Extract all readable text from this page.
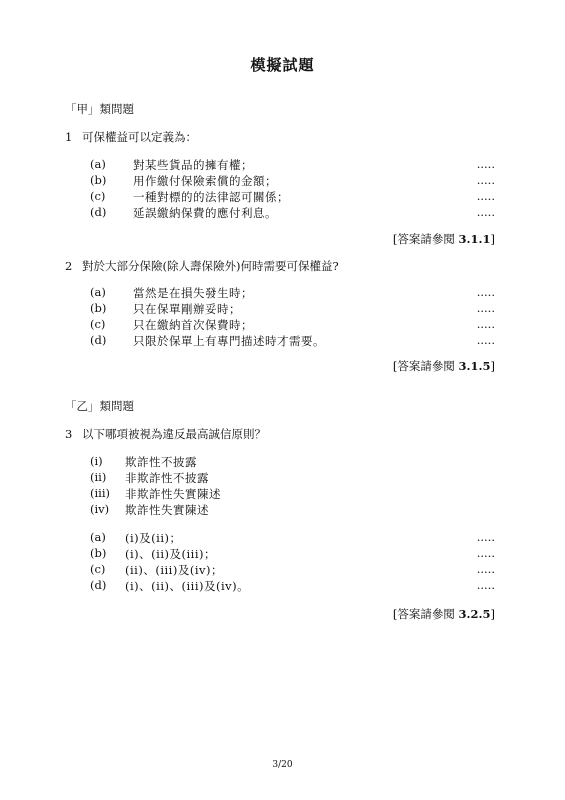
模擬試題
「甲」類問題
1 可保權益可以定義為：
(a) 對某些貨品的擁有權；	.....
(b) 用作繳付保險索償的金額；	.....
(c) 一種對標的的法律認可關係；	.....
(d) 延誤繳納保費的應付利息。	.....
[答案請參閱 3.1.1]
2 對於大部分保險(除人壽保險外)何時需要可保權益?
(a) 當然是在損失發生時；	.....
(b) 只在保單剛辦妥時；	.....
(c) 只在繳納首次保費時；	.....
(d) 只限於保單上有專門描述時才需要。	.....
[答案請參閱 3.1.5]
「乙」類問題
3 以下哪項被視為違反最高誠信原則？
(i) 欺詐性不披露
(ii) 非欺詐性不披露
(iii) 非欺詐性失實陳述
(iv) 欺詐性失實陳述
(a) (i)及(ii)；	.....
(b) (i)、(ii)及(iii)；	.....
(c) (ii)、(iii)及(iv)；	.....
(d) (i)、(ii)、(iii)及(iv)。	.....
[答案請參閱 3.2.5]
3/20
